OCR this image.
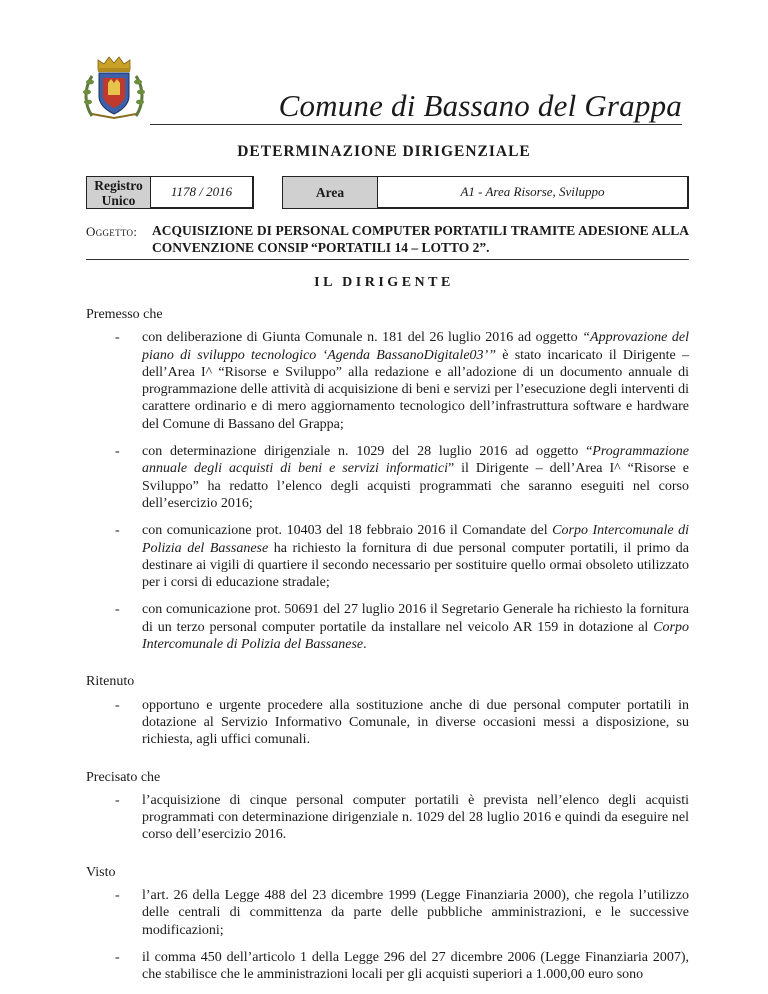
Comune di Bassano del Grappa
DETERMINAZIONE DIRIGENZIALE
Registro Unico
1178 / 2016	Area	A1 - Area Risorse, Sviluppo
Oggetto: ACQUISIZIONE DI PERSONAL COMPUTER PORTATILI TRAMITE ADESIONE ALLA CONVENZIONE CONSIP “PORTATILI 14 – LOTTO 2”.
IL DIRIGENTE

Premesso che

- con deliberazione di Giunta Comunale n. 181 del 26 luglio 2016 ad oggetto “Approvazione del piano di sviluppo tecnologico ‘Agenda BassanoDigitale03’” è stato incaricato il Dirigente – dell’Area I^ “Risorse e Sviluppo” alla redazione e all’adozione di un documento annuale di programmazione delle attività di acquisizione di beni e servizi per l’esecuzione degli interventi di carattere ordinario e di mero aggiornamento tecnologico dell’infrastruttura software e hardware del Comune di Bassano del Grappa;

- con determinazione dirigenziale n. 1029 del 28 luglio 2016 ad oggetto “Programmazione annuale degli acquisti di beni e servizi informatici” il Dirigente – dell’Area I^ “Risorse e Sviluppo” ha redatto l’elenco degli acquisti programmati che saranno eseguiti nel corso dell’esercizio 2016;

- con comunicazione prot. 10403 del 18 febbraio 2016 il Comandate del Corpo Intercomunale di Polizia del Bassanese ha richiesto la fornitura di due personal computer portatili, il primo da destinare ai vigili di quartiere il secondo necessario per sostituire quello ormai obsoleto utilizzato per i corsi di educazione stradale;

- con comunicazione prot. 50691 del 27 luglio 2016 il Segretario Generale ha richiesto la fornitura di un terzo personal computer portatile da installare nel veicolo AR 159 in dotazione al Corpo Intercomunale di Polizia del Bassanese.

Ritenuto

- opportuno e urgente procedere alla sostituzione anche di due personal computer portatili in dotazione al Servizio Informativo Comunale, in diverse occasioni messi a disposizione, su richiesta, agli uffici comunali.

Precisato che

- l’acquisizione di cinque personal computer portatili è prevista nell’elenco degli acquisti programmati con determinazione dirigenziale n. 1029 del 28 luglio 2016 e quindi da eseguire nel corso dell’esercizio 2016.

Visto

- l’art. 26 della Legge 488 del 23 dicembre 1999 (Legge Finanziaria 2000), che regola l’utilizzo delle centrali di committenza da parte delle pubbliche amministrazioni, e le successive modificazioni;

- il comma 450 dell’articolo 1 della Legge 296 del 27 dicembre 2006 (Legge Finanziaria 2007), che stabilisce che le amministrazioni locali per gli acquisti superiori a 1.000,00 euro sono
